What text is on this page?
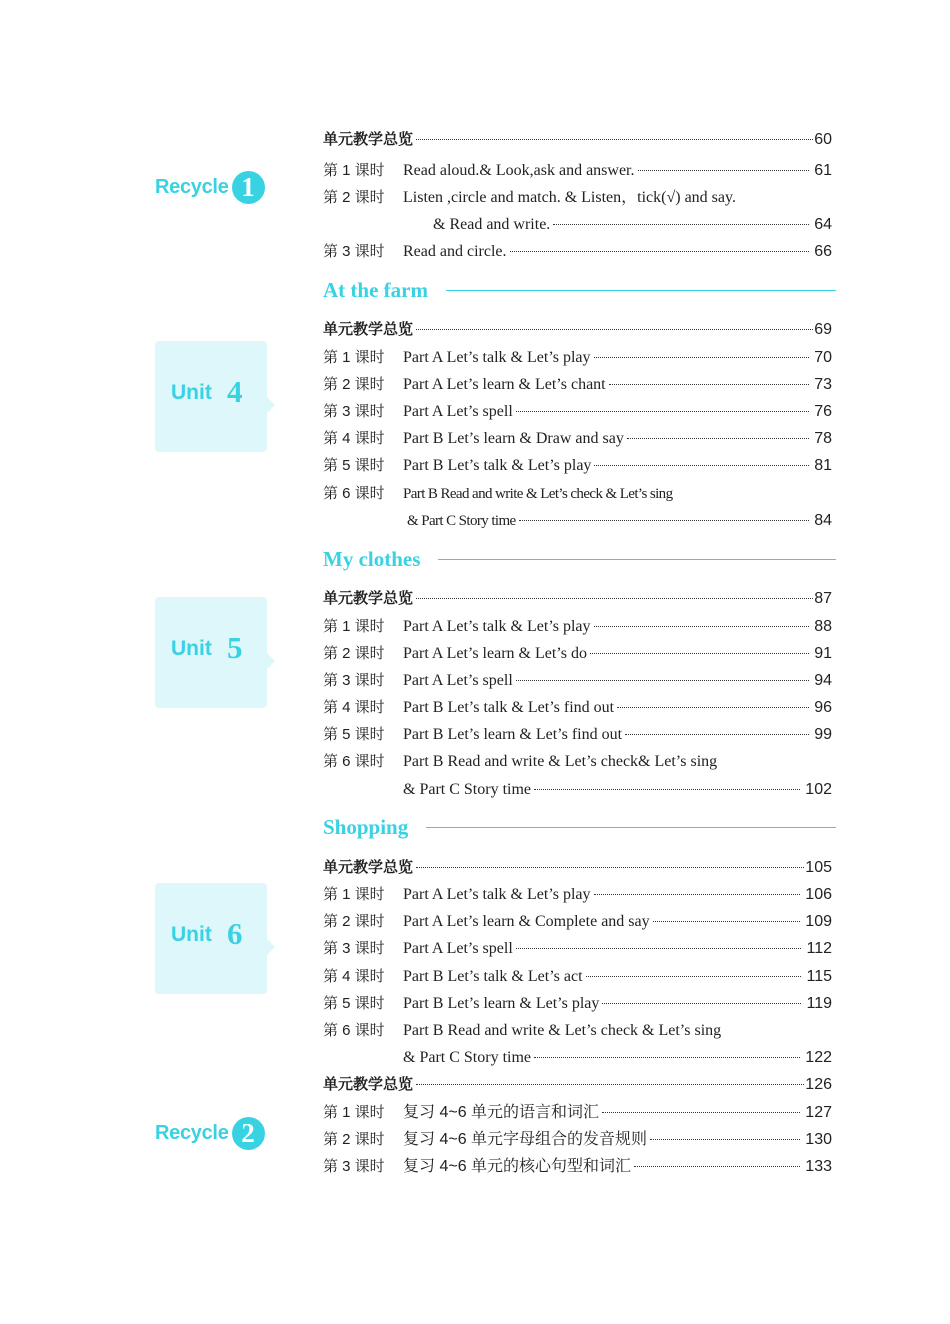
Recycle 1
Unit 4
Unit 5
Unit 6
Recycle 2
At the farm
My clothes
Shopping
单元教学总览	60
第 1 课时	Read aloud.& Look,ask and answer.	61
第 2 课时	Listen ,circle and match. & Listen，tick(√) and say.
& Read and write.	64
第 3 课时	Read and circle.	66
单元教学总览	69
第 1 课时	Part A Let’s talk & Let’s play	70
第 2 课时	Part A Let’s learn & Let’s chant	73
第 3 课时	Part A Let’s spell	76
第 4 课时	Part B Let’s learn & Draw and say	78
第 5 课时	Part B Let’s talk & Let’s play	81
第 6 课时	Part B Read and write & Let’s check & Let’s sing
& Part C Story time	84
单元教学总览	87
第 1 课时	Part A Let’s talk & Let’s play	88
第 2 课时	Part A Let’s learn & Let’s do	91
第 3 课时	Part A Let’s spell	94
第 4 课时	Part B Let’s talk & Let’s find out	96
第 5 课时	Part B Let’s learn & Let’s find out	99
第 6 课时	Part B Read and write & Let’s check& Let’s sing
& Part C Story time	102
单元教学总览	105
第 1 课时	Part A Let’s talk & Let’s play	106
第 2 课时	Part A Let’s learn & Complete and say	109
第 3 课时	Part A Let’s spell	112
第 4 课时	Part B Let’s talk & Let’s act	115
第 5 课时	Part B Let’s learn & Let’s play	119
第 6 课时	Part B Read and write & Let’s check & Let’s sing
& Part C Story time	122
单元教学总览	126
第 1 课时	复习 4~6 单元的语言和词汇	127
第 2 课时	复习 4~6 单元字母组合的发音规则	130
第 3 课时	复习 4~6 单元的核心句型和词汇	133
